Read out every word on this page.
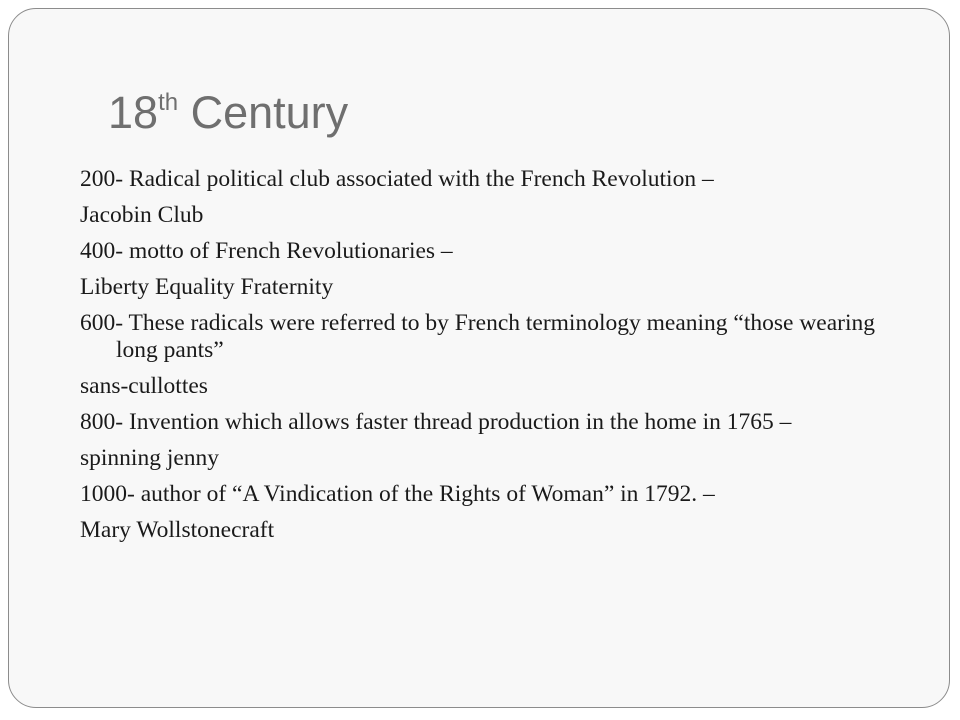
18th Century
200- Radical political club associated with the French Revolution –
Jacobin Club
400- motto of French Revolutionaries –
Liberty Equality Fraternity
600- These radicals were referred to by French terminology meaning “those wearing long pants”
sans-cullottes
800- Invention which allows faster thread production in the home in 1765 –
spinning jenny
1000- author of “A Vindication of the Rights of Woman” in 1792. –
Mary Wollstonecraft
